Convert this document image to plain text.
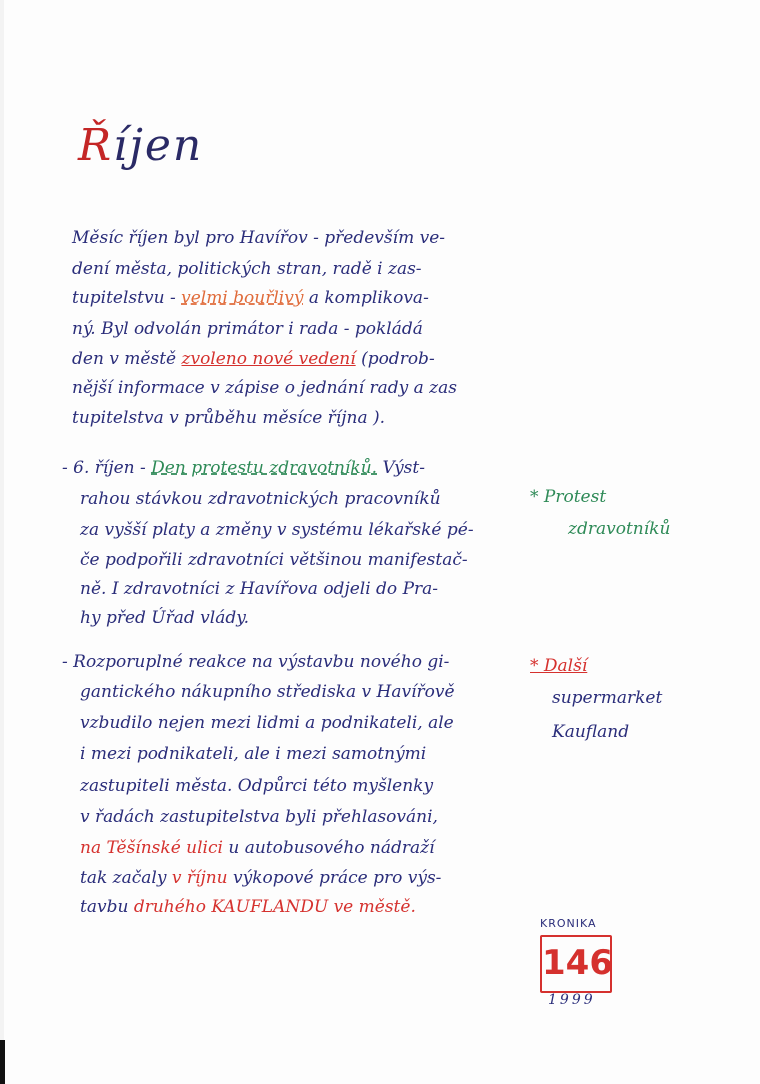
Říjen
Měsíc říjen byl pro Havířov - především ve-
dení města, politických stran, radě i zas-
tupitelstvu - velmi bouřlivý a komplikova-
ný. Byl odvolán primátor i rada - pokládá
den v městě zvoleno nové vedení (podrob-
nější informace v zápise o jednání rady a zas
tupitelstva v průběhu měsíce října ).
- 6. říjen - Den protestu zdravotníků. Výst-
rahou stávkou zdravotnických pracovníků
za vyšší platy a změny v systému lékařské pé-
če podpořili zdravotníci většinou manifestač-
ně. I zdravotníci z Havířova odjeli do Pra-
hy před Úřad vlády.
* Protest
zdravotníků
- Rozporuplné reakce na výstavbu nového gi-
gantického nákupního střediska v Havířově
vzbudilo nejen mezi lidmi a podnikateli, ale
i mezi podnikateli, ale i mezi samotnými
zastupiteli města. Odpůrci této myšlenky
v řadách zastupitelstva byli přehlasováni,
na Těšínské ulici u autobusového nádraží
tak začaly v říjnu výkopové práce pro výs-
tavbu druhého KAUFLANDU ve městě.
* Další
supermarket
Kaufland
KRONIKA
146
1999
